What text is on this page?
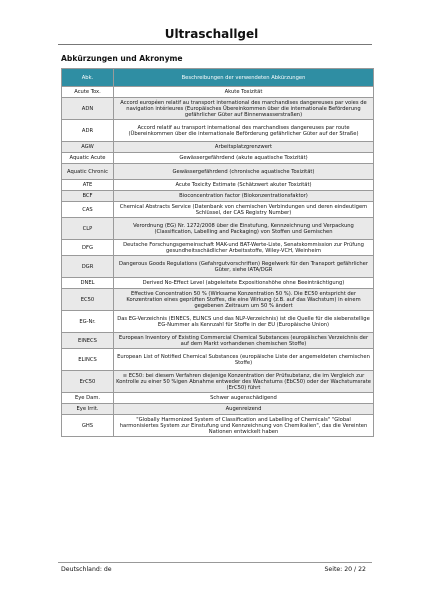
Ultraschallgel
Abkürzungen und Akronyme
Abk.	Beschreibungen der verwendeten Abkürzungen
Acute Tox.	Akute Toxizität
ADN	Accord européen relatif au transport international des marchandises dangereuses par voies de navigation intérieures (Europäisches Übereinkommen über die internationale Beförderung gefährlicher Güter auf Binnenwasserstraßen)
ADR	Accord relatif au transport international des marchandises dangereuses par route (Übereinkommen über die internationale Beförderung gefährlicher Güter auf der Straße)
AGW	Arbeitsplatzgrenzwert
Aquatic Acute	Gewässergefährdend (akute aquatische Toxizität)
Aquatic Chronic	Gewässergefährdend (chronische aquatische Toxizität)
ATE	Acute Toxicity Estimate (Schätzwert akuter Toxizität)
BCF	Bioconcentration factor (Biokonzentrationsfaktor)
CAS	Chemical Abstracts Service (Datenbank von chemischen Verbindungen und deren eindeutigem Schlüssel, der CAS Registry Number)
CLP	Verordnung (EG) Nr. 1272/2008 über die Einstufung, Kennzeichnung und Verpackung (Classification, Labelling and Packaging) von Stoffen und Gemischen
DFG	Deutsche Forschungsgemeinschaft MAK-und BAT-Werte-Liste, Senatskommission zur Prüfung gesundheitsschädlicher Arbeitsstoffe, Wiley-VCH, Weinheim
DGR	Dangerous Goods Regulations (Gefahrgutvorschriften) Regelwerk für den Transport gefährlicher Güter, siehe IATA/DGR
DNEL	Derived No-Effect Level (abgeleitete Expositionshöhe ohne Beeinträchtigung)
EC50	Effective Concentration 50 % (Wirksame Konzentration 50 %). Die EC50 entspricht der Konzentration eines geprüften Stoffes, die eine Wirkung (z.B. auf das Wachstum) in einem gegebenen Zeitraum um 50 % ändert
EG-Nr.	Das EG-Verzeichnis (EINECS, ELINCS und das NLP-Verzeichnis) ist die Quelle für die siebenstellige EG-Nummer als Kennzahl für Stoffe in der EU (Europäische Union)
EINECS	European Inventory of Existing Commercial Chemical Substances (europäisches Verzeichnis der auf dem Markt vorhandenen chemischen Stoffe)
ELINCS	European List of Notified Chemical Substances (europäische Liste der angemeldeten chemischen Stoffe)
ErC50	≡ EC50: bei diesem Verfahren diejenige Konzentration der Prüfsubstanz, die im Vergleich zur Kontrolle zu einer 50 %igen Abnahme entweder des Wachstums (EbC50) oder der Wachstumsrate (ErC50) führt
Eye Dam.	Schwer augenschädigend
Eye Irrit.	Augenreizend
GHS	"Globally Harmonized System of Classification and Labelling of Chemicals" "Global harmonisiertes System zur Einstufung und Kennzeichnung von Chemikalien", das die Vereinten Nationen entwickelt haben
Deutschland: de	Seite: 20 / 22
